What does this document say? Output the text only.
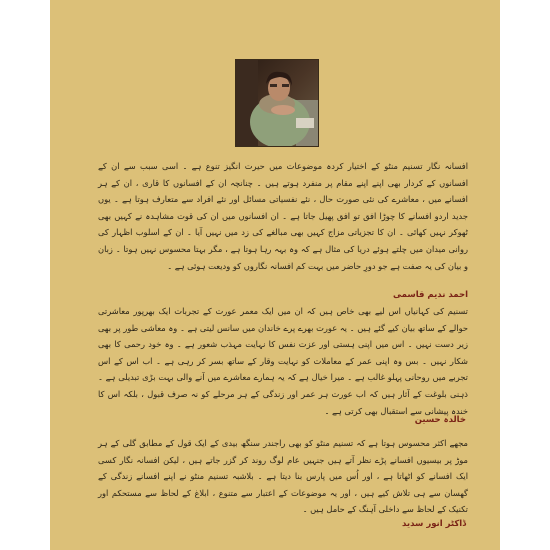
افسانہ نگار تسنیم منٹو کے اختیار کردہ موضوعات میں حیرت انگیز تنوع ہے ۔ اسی سبب سے ان کے افسانوں کے کردار بھی اپنے اپنے مقام پر منفرد ہوتے ہیں ۔ چنانچہ ان کے افسانوں کا قاری ، ان کے ہر افسانے میں ، معاشرے کی نئی صورت حال ، نئے نفسیاتی مسائل اور نئے افراد سے متعارف ہوتا ہے ۔ یوں جدید اردو افسانے کا چوڑا افق تو افق پھیل جاتا ہے ۔ ان افسانوں میں ان کی قوت مشاہدہ نے کہیں بھی ٹھوکر نہیں کھائی ۔ ان کا تجزیاتی مزاج کہیں بھی مبالغے کی زد میں نہیں آیا ۔ ان کے اسلوب اظہار کی روانی میدان میں چلتے ہوئے دریا کی مثال ہے کہ وہ بہہ رہا ہوتا ہے ، مگر بہتا محسوس نہیں ہوتا ۔ زبان و بیان کی یہ صفت ہے جو دورِ حاضر میں بہت کم افسانہ نگاروں کو ودیعت ہوئی ہے ۔

احمد ندیم قاسمی

تسنیم کی کہانیاں اس لیے بھی خاص ہیں کہ ان میں ایک معمر عورت کے تجربات ایک بھرپور معاشرتی حوالے کے ساتھ بیان کیے گئے ہیں ۔ یہ عورت بھرے پرے خاندان میں سانس لیتی ہے ۔ وہ معاشی طور پر بھی زیر دست نہیں ۔ اس میں اپنی ہستی اور عزت نفس کا نہایت مہذب شعور ہے ۔ وہ خود رحمی کا بھی شکار نہیں ۔ بس وہ اپنی عمر کے معاملات کو نہایت وقار کے ساتھ بسر کر رہی ہے ۔ اب اس کے اس تجربے میں روحانی پہلو غالب ہے ۔ میرا خیال ہے کہ یہ ہمارے معاشرے میں آنے والی بہت بڑی تبدیلی ہے ۔ ذہنی بلوغت کے آثار ہیں کہ اب عورت ہر عمر اور زندگی کے ہر مرحلے کو نہ صرف قبول ، بلکہ اس کا خندہ پیشانی سے استقبال بھی کرتی ہے ۔

خالدہ حسین

مجھے اکثر محسوس ہوتا ہے کہ تسنیم منٹو کو بھی راجندر سنگھ بیدی کے ایک قول کے مطابق گلی کے ہر موڑ پر بیسیوں افسانے پڑے نظر آتے ہیں جنہیں عام لوگ روند کر گزر جاتے ہیں ، لیکن افسانہ نگار کسی ایک افسانے کو اٹھاتا ہے ، اور اُس میں پارس بنا دیتا ہے ۔ بلاشبہ تسنیم منٹو نے اپنے افسانے زندگی کے گھسان سے ہی تلاش کیے ہیں ، اور یہ موضوعات کے اعتبار سے متنوع ، ابلاغ کے لحاظ سے مستحکم اور تکنیک کے لحاظ سے داخلی آہنگ کے حامل ہیں ۔

ڈاکٹر انور سدید
